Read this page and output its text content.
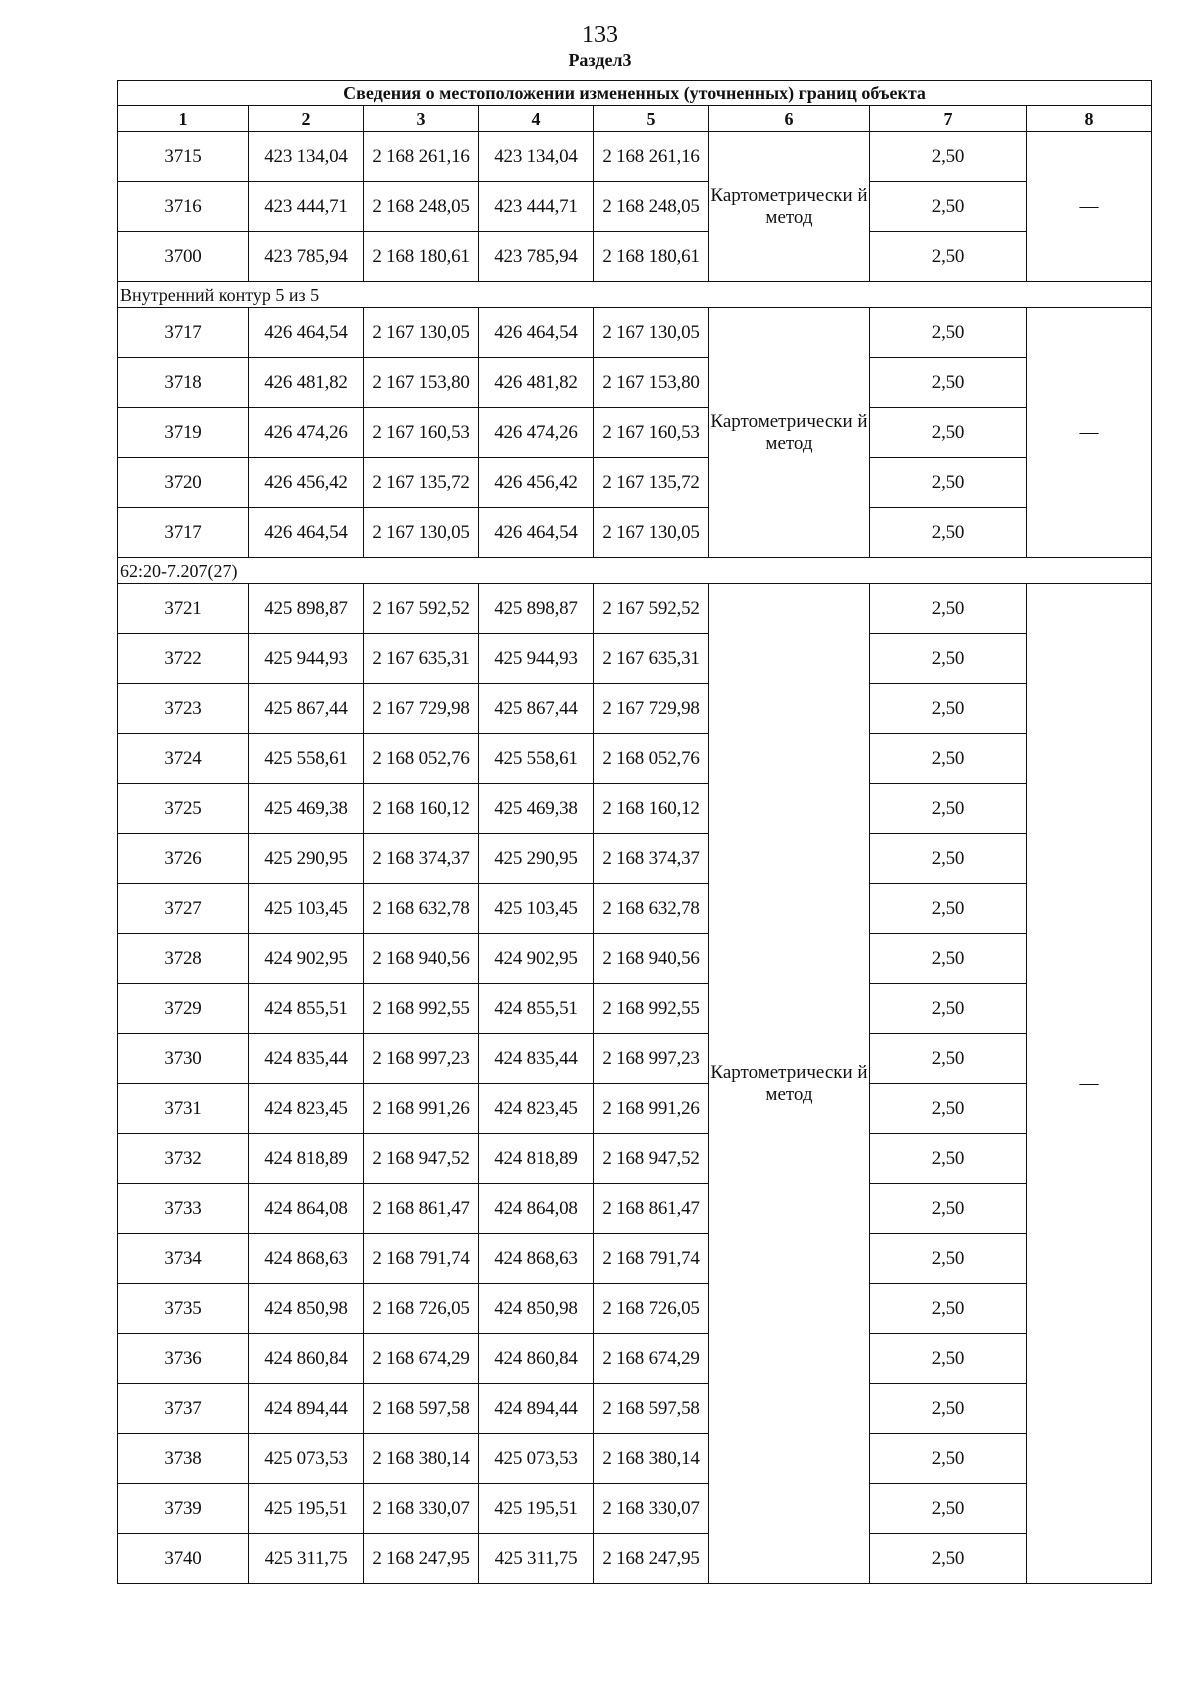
133
Раздел3
Сведения о местоположении измененных (уточненных) границ объекта							
1	2	3	4	5	6	7	8
3715	423 134,04	2 168 261,16	423 134,04	2 168 261,16	Картометрически й метод	2,50	—
3716	423 444,71	2 168 248,05	423 444,71	2 168 248,05		2,50	
3700	423 785,94	2 168 180,61	423 785,94	2 168 180,61		2,50	
Внутренний контур 5 из 5							
3717	426 464,54	2 167 130,05	426 464,54	2 167 130,05	Картометрически й метод	2,50	—
3718	426 481,82	2 167 153,80	426 481,82	2 167 153,80		2,50	
3719	426 474,26	2 167 160,53	426 474,26	2 167 160,53		2,50	
3720	426 456,42	2 167 135,72	426 456,42	2 167 135,72		2,50	
3717	426 464,54	2 167 130,05	426 464,54	2 167 130,05		2,50	
62:20-7.207(27)							
3721	425 898,87	2 167 592,52	425 898,87	2 167 592,52	Картометрически й метод	2,50	—
3722	425 944,93	2 167 635,31	425 944,93	2 167 635,31		2,50	
3723	425 867,44	2 167 729,98	425 867,44	2 167 729,98		2,50	
3724	425 558,61	2 168 052,76	425 558,61	2 168 052,76		2,50	
3725	425 469,38	2 168 160,12	425 469,38	2 168 160,12		2,50	
3726	425 290,95	2 168 374,37	425 290,95	2 168 374,37		2,50	
3727	425 103,45	2 168 632,78	425 103,45	2 168 632,78		2,50	
3728	424 902,95	2 168 940,56	424 902,95	2 168 940,56		2,50	
3729	424 855,51	2 168 992,55	424 855,51	2 168 992,55		2,50	
3730	424 835,44	2 168 997,23	424 835,44	2 168 997,23		2,50	
3731	424 823,45	2 168 991,26	424 823,45	2 168 991,26		2,50	
3732	424 818,89	2 168 947,52	424 818,89	2 168 947,52		2,50	
3733	424 864,08	2 168 861,47	424 864,08	2 168 861,47		2,50	
3734	424 868,63	2 168 791,74	424 868,63	2 168 791,74		2,50	
3735	424 850,98	2 168 726,05	424 850,98	2 168 726,05		2,50	
3736	424 860,84	2 168 674,29	424 860,84	2 168 674,29		2,50	
3737	424 894,44	2 168 597,58	424 894,44	2 168 597,58		2,50	
3738	425 073,53	2 168 380,14	425 073,53	2 168 380,14		2,50	
3739	425 195,51	2 168 330,07	425 195,51	2 168 330,07		2,50	
3740	425 311,75	2 168 247,95	425 311,75	2 168 247,95		2,50	
